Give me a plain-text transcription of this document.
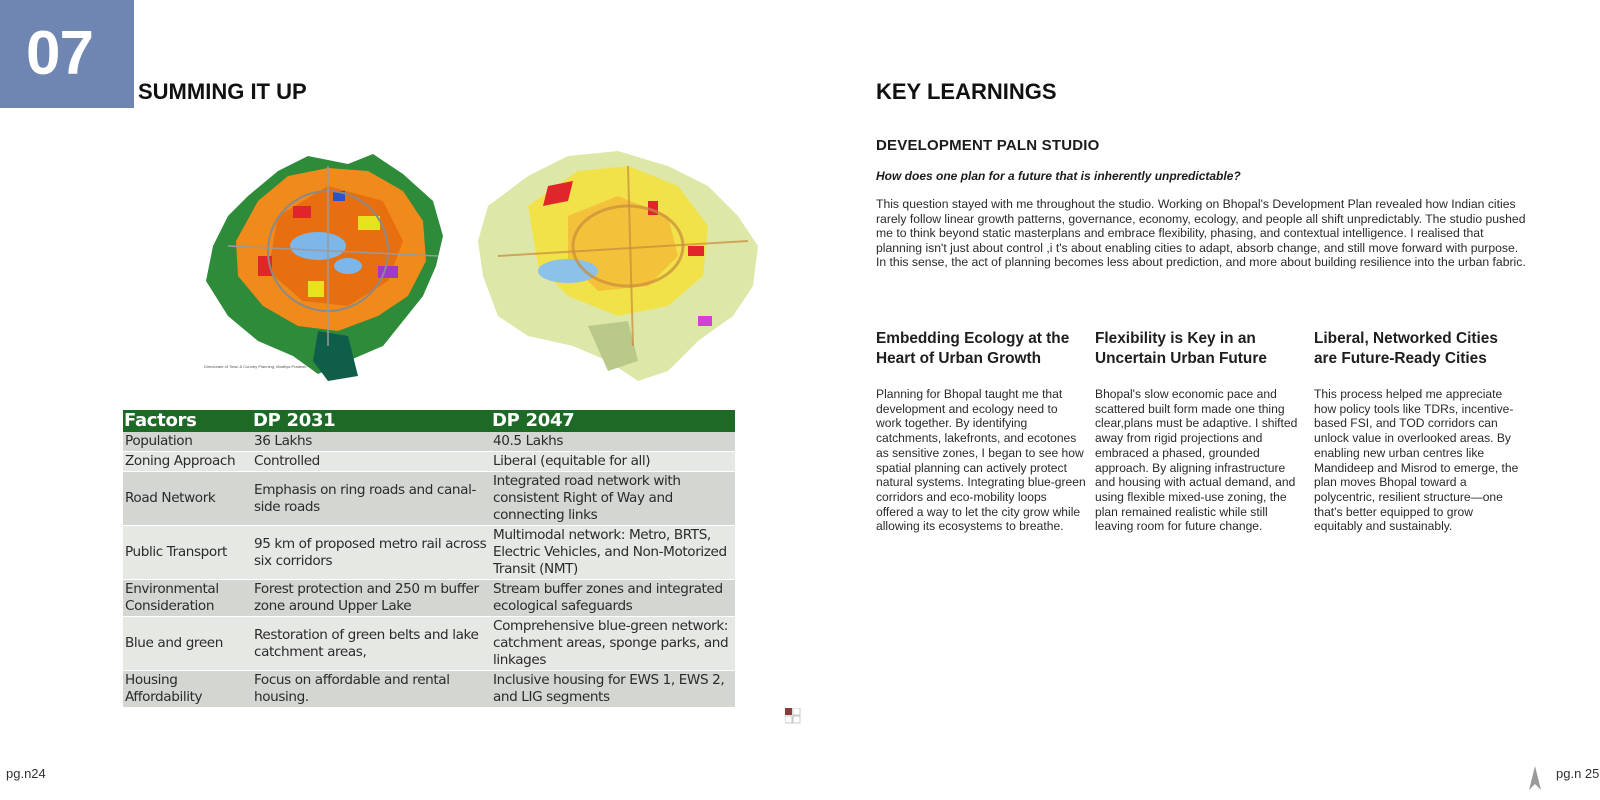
07
SUMMING IT UP
Directorate of Town & Country Planning, Madhya Pradesh
Factors	DP 2031	DP 2047
Population	36 Lakhs	40.5 Lakhs
Zoning Approach	Controlled	Liberal (equitable for all)
Road Network	Emphasis on ring roads and canal-side roads	Integrated road network with consistent Right of Way and connecting links
Public Transport	95 km of proposed metro rail across six corridors	Multimodal network: Metro, BRTS, Electric Vehicles, and Non-Motorized Transit (NMT)
Environmental Consideration	Forest protection and 250 m buffer zone around Upper Lake	Stream buffer zones and integrated ecological safeguards
Blue and green	Restoration of green belts and lake catchment areas,	Comprehensive blue-green network: catchment areas, sponge parks, and linkages
Housing Affordability	Focus on affordable and rental housing.	Inclusive housing for EWS 1, EWS 2, and LIG segments
pg.n24
KEY LEARNINGS
DEVELOPMENT PALN STUDIO
How does one plan for a future that is inherently unpredictable?
This question stayed with me throughout the studio. Working on Bhopal's Development Plan revealed how Indian cities rarely follow linear growth patterns, governance, economy, ecology, and people all shift unpredictably. The studio pushed me to think beyond static masterplans and embrace flexibility, phasing, and contextual intelligence. I realised that planning isn't just about control ,i t's about enabling cities to adapt, absorb change, and still move forward with purpose. In this sense, the act of planning becomes less about prediction, and more about building resilience into the urban fabric.
Embedding Ecology at the Heart of Urban Growth
Planning for Bhopal taught me that development and ecology need to work together. By identifying catchments, lakefronts, and ecotones as sensitive zones, I began to see how spatial planning can actively protect natural systems. Integrating blue-green corridors and eco-mobility loops offered a way to let the city grow while allowing its ecosystems to breathe.
Flexibility is Key in an Uncertain Urban Future
Bhopal's slow economic pace and scattered built form made one thing clear,plans must be adaptive. I shifted away from rigid projections and embraced a phased, grounded approach. By aligning infrastructure and housing with actual demand, and using flexible mixed-use zoning, the plan remained realistic while still leaving room for future change.
Liberal, Networked Cities are Future-Ready Cities
This process helped me appreciate how policy tools like TDRs, incentive-based FSI, and TOD corridors can unlock value in overlooked areas. By enabling new urban centres like Mandideep and Misrod to emerge, the plan moves Bhopal toward a polycentric, resilient structure—one that's better equipped to grow equitably and sustainably.
pg.n 25
